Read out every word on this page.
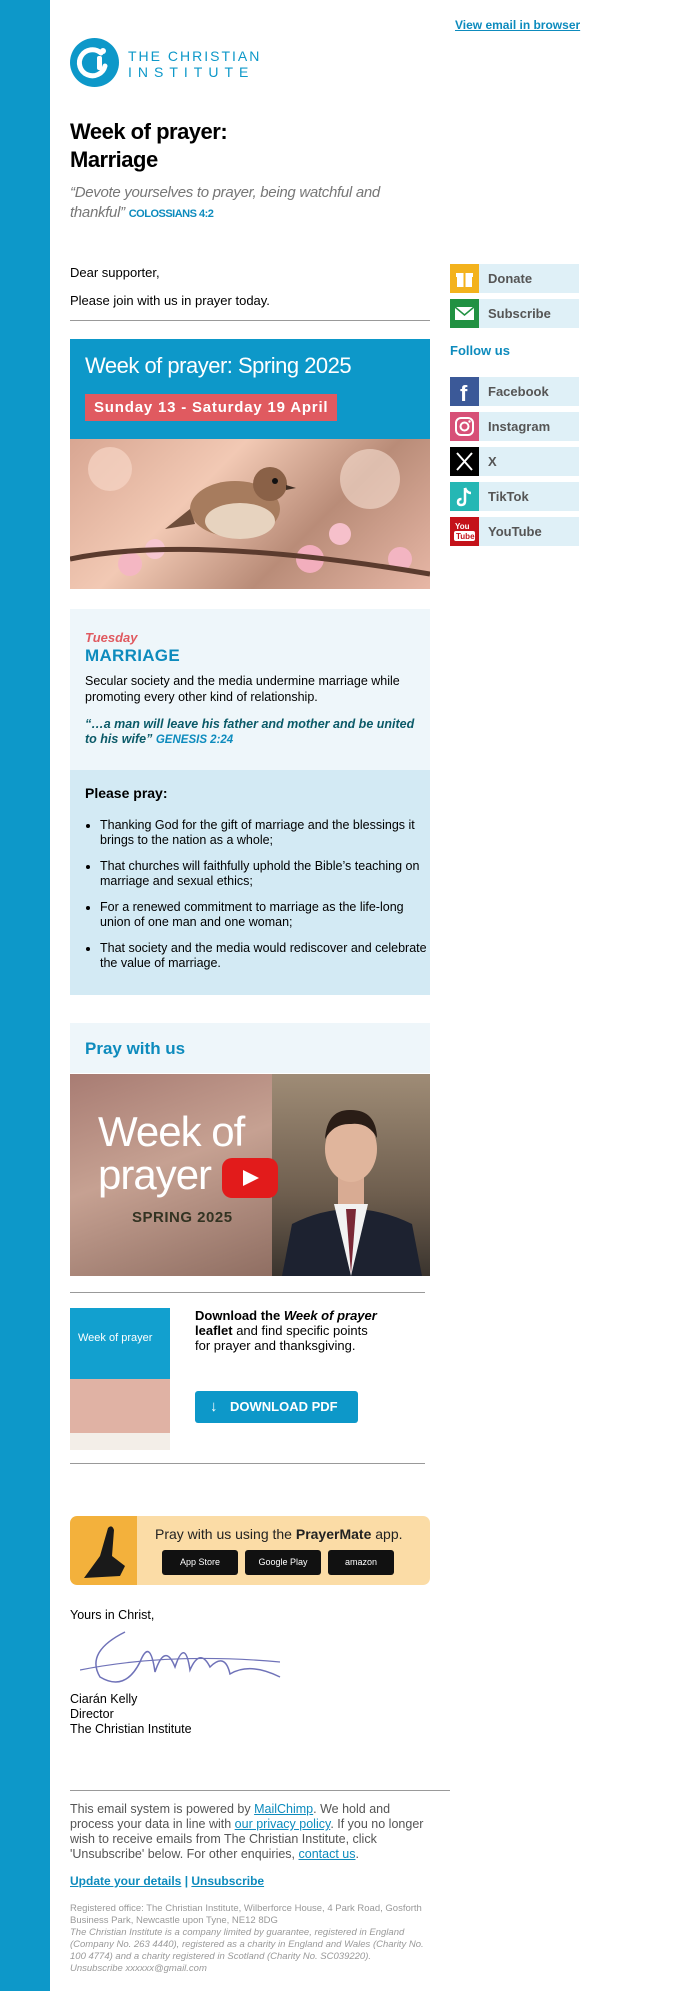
View email in browser
THE CHRISTIAN
INSTITUTE
Week of prayer:
Marriage
“Devote yourselves to prayer, being watchful and thankful” COLOSSIANS 4:2
Dear supporter,
Please join with us in prayer today.
Week of prayer: Spring 2025
Sunday 13 - Saturday 19 April
Tuesday
MARRIAGE
Secular society and the media undermine marriage while promoting every other kind of relationship.
“…a man will leave his father and mother and be united to his wife” GENESIS 2:24
Please pray:
• Thanking God for the gift of marriage and the blessings it brings to the nation as a whole;
• That churches will faithfully uphold the Bible’s teaching on marriage and sexual ethics;
• For a renewed commitment to marriage as the life-long union of one man and one woman;
• That society and the media would rediscover and celebrate the value of marriage.
Pray with us
Week of
prayer
SPRING 2025
Week of prayer
Download the Week of prayer leaflet and find specific points for prayer and thanksgiving.
↓ DOWNLOAD PDF
Pray with us using the PrayerMate app.
App Store	Google Play	amazon
Yours in Christ,
Ciarán Kelly
Director
The Christian Institute
This email system is powered by MailChimp. We hold and process your data in line with our privacy policy. If you no longer wish to receive emails from The Christian Institute, click 'Unsubscribe' below. For other enquiries, contact us.
Update your details | Unsubscribe
Registered office: The Christian Institute, Wilberforce House, 4 Park Road, Gosforth Business Park, Newcastle upon Tyne, NE12 8DG
The Christian Institute is a company limited by guarantee, registered in England (Company No. 263 4440), registered as a charity in England and Wales (Charity No. 100 4774) and a charity registered in Scotland (Charity No. SC039220).
Unsubscribe xxxxxx@gmail.com
Donate
Subscribe
Follow us
f Facebook
Instagram
X
TikTok
You
Tube YouTube
